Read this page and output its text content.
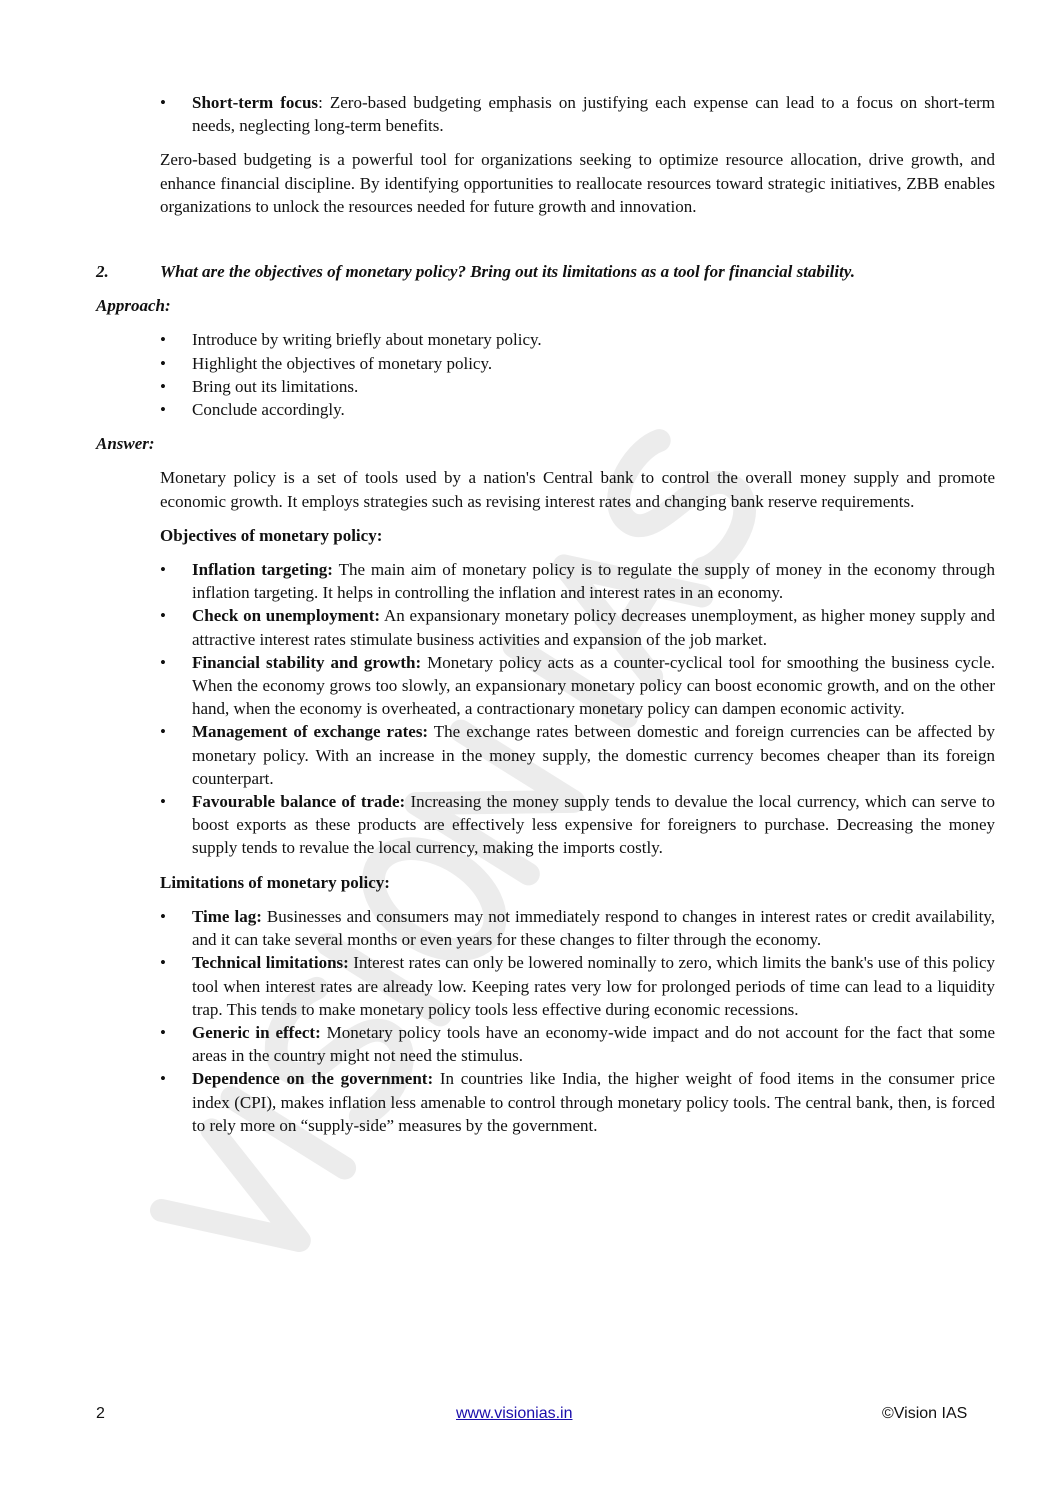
• Short-term focus: Zero-based budgeting emphasis on justifying each expense can lead to a focus on short-term needs, neglecting long-term benefits.
Zero-based budgeting is a powerful tool for organizations seeking to optimize resource allocation, drive growth, and enhance financial discipline. By identifying opportunities to reallocate resources toward strategic initiatives, ZBB enables organizations to unlock the resources needed for future growth and innovation.
2.	What are the objectives of monetary policy? Bring out its limitations as a tool for financial stability.
Approach:
• Introduce by writing briefly about monetary policy.
• Highlight the objectives of monetary policy.
• Bring out its limitations.
• Conclude accordingly.
Answer:
Monetary policy is a set of tools used by a nation's Central bank to control the overall money supply and promote economic growth. It employs strategies such as revising interest rates and changing bank reserve requirements.
Objectives of monetary policy:
• Inflation targeting: The main aim of monetary policy is to regulate the supply of money in the economy through inflation targeting. It helps in controlling the inflation and interest rates in an economy.
• Check on unemployment: An expansionary monetary policy decreases unemployment, as higher money supply and attractive interest rates stimulate business activities and expansion of the job market.
• Financial stability and growth: Monetary policy acts as a counter-cyclical tool for smoothing the business cycle. When the economy grows too slowly, an expansionary monetary policy can boost economic growth, and on the other hand, when the economy is overheated, a contractionary monetary policy can dampen economic activity.
• Management of exchange rates: The exchange rates between domestic and foreign currencies can be affected by monetary policy. With an increase in the money supply, the domestic currency becomes cheaper than its foreign counterpart.
• Favourable balance of trade: Increasing the money supply tends to devalue the local currency, which can serve to boost exports as these products are effectively less expensive for foreigners to purchase. Decreasing the money supply tends to revalue the local currency, making the imports costly.
Limitations of monetary policy:
• Time lag: Businesses and consumers may not immediately respond to changes in interest rates or credit availability, and it can take several months or even years for these changes to filter through the economy.
• Technical limitations: Interest rates can only be lowered nominally to zero, which limits the bank's use of this policy tool when interest rates are already low. Keeping rates very low for prolonged periods of time can lead to a liquidity trap. This tends to make monetary policy tools less effective during economic recessions.
• Generic in effect: Monetary policy tools have an economy-wide impact and do not account for the fact that some areas in the country might not need the stimulus.
• Dependence on the government: In countries like India, the higher weight of food items in the consumer price index (CPI), makes inflation less amenable to control through monetary policy tools. The central bank, then, is forced to rely more on “supply-side” measures by the government.
2	www.visionias.in	©Vision IAS
